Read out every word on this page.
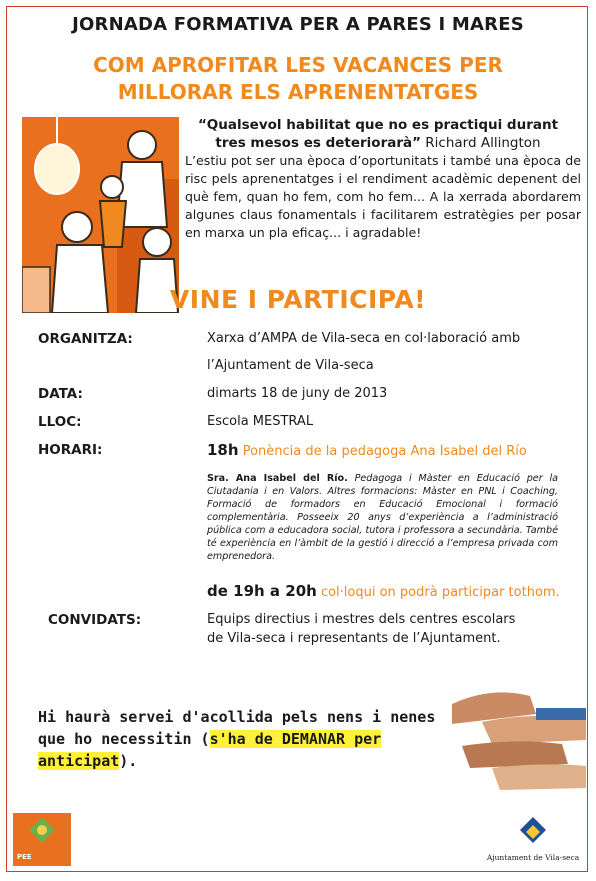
JORNADA FORMATIVA PER A PARES I MARES
COM APROFITAR LES VACANCES PER
MILLORAR ELS APRENENTATGES
“Qualsevol habilitat que no es practiqui durant
tres mesos es deteriorarà” Richard Allington
L’estiu pot ser una època d’oportunitats i també una època de risc pels aprenentatges i el rendiment acadèmic depenent del què fem, quan ho fem, com ho fem... A la xerrada abordarem algunes claus fonamentals i facilitarem estratègies per posar en marxa un pla eficaç... i agradable!
VINE I PARTICIPA!
ORGANITZA:	Xarxa d’AMPA de Vila-seca en col·laboració amb
l’Ajuntament de Vila-seca
DATA:	dimarts 18 de juny de 2013
LLOC:	Escola MESTRAL
HORARI:	18h Ponència de la pedagoga Ana Isabel del Río
Sra. Ana Isabel del Río. Pedagoga i Màster en Educació per la Ciutadania i en Valors. Altres formacions: Màster en PNL i Coaching, Formació de formadors en Educació Emocional i formació complementària. Posseeix 20 anys d’experiència a l’administració pública com a educadora social, tutora i professora a secundària. També té experiència en l’àmbit de la gestió i direcció a l’empresa privada com emprenedora.
de 19h a 20h col·loqui on podrà participar tothom.
CONVIDATS:	Equips directius i mestres dels centres escolars
de Vila-seca i representants de l’Ajuntament.
Hi haurà servei d'acollida pels nens i nenes
que ho necessitin (s'ha de DEMANAR per
anticipat).
PEE	Ajuntament de Vila-seca
